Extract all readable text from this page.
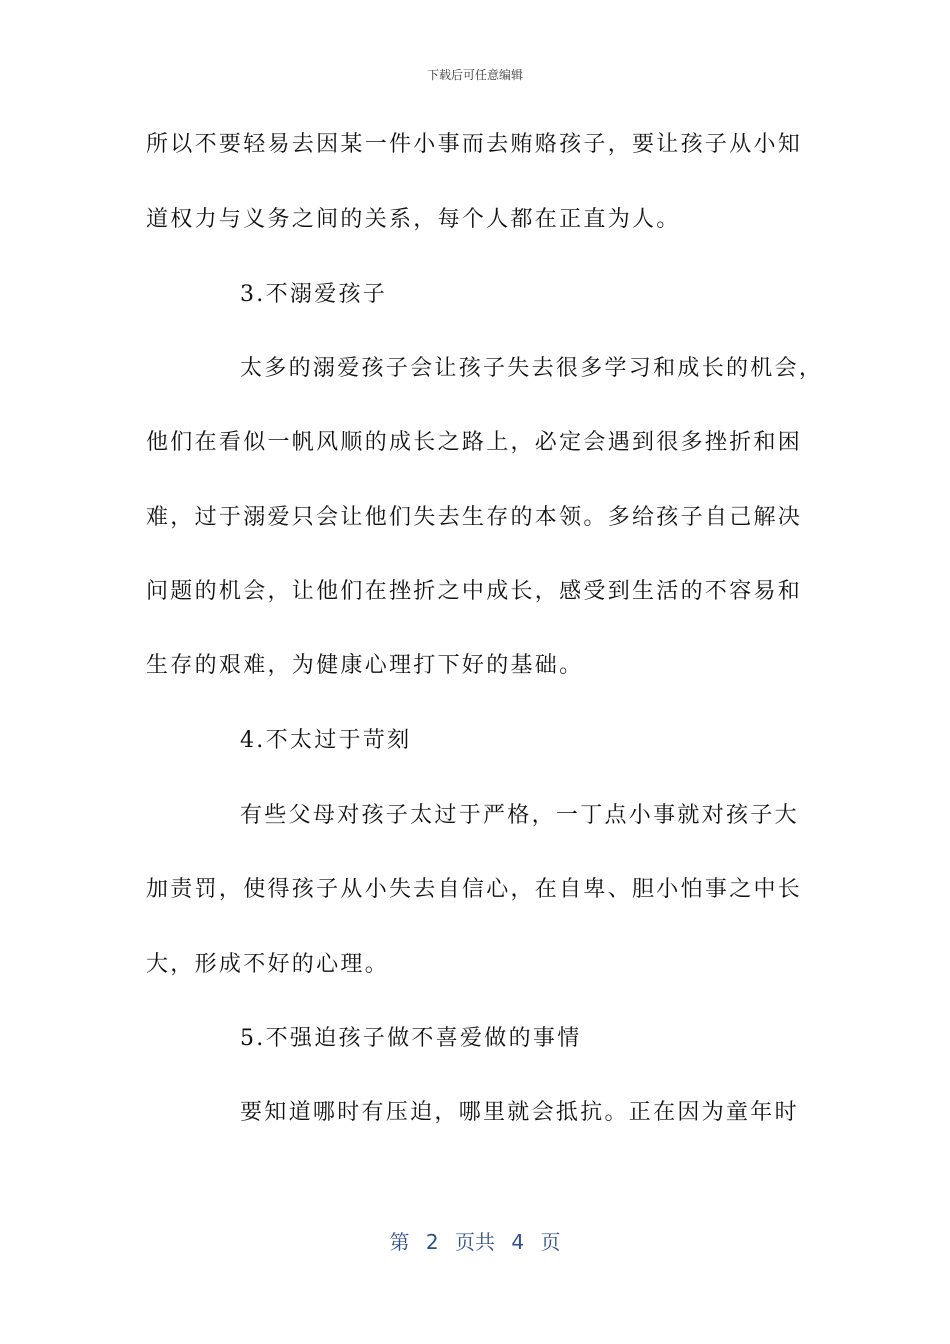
下载后可任意编辑
所以不要轻易去因某一件小事而去贿赂孩子，要让孩子从小知
道权力与义务之间的关系，每个人都在正直为人。
3.不溺爱孩子
太多的溺爱孩子会让孩子失去很多学习和成长的机会，
他们在看似一帆风顺的成长之路上，必定会遇到很多挫折和困
难，过于溺爱只会让他们失去生存的本领。多给孩子自己解决
问题的机会，让他们在挫折之中成长，感受到生活的不容易和
生存的艰难，为健康心理打下好的基础。
4.不太过于苛刻
有些父母对孩子太过于严格，一丁点小事就对孩子大
加责罚，使得孩子从小失去自信心，在自卑、胆小怕事之中长
大，形成不好的心理。
5.不强迫孩子做不喜爱做的事情
要知道哪时有压迫，哪里就会抵抗。正在因为童年时
第 2 页共 4 页
